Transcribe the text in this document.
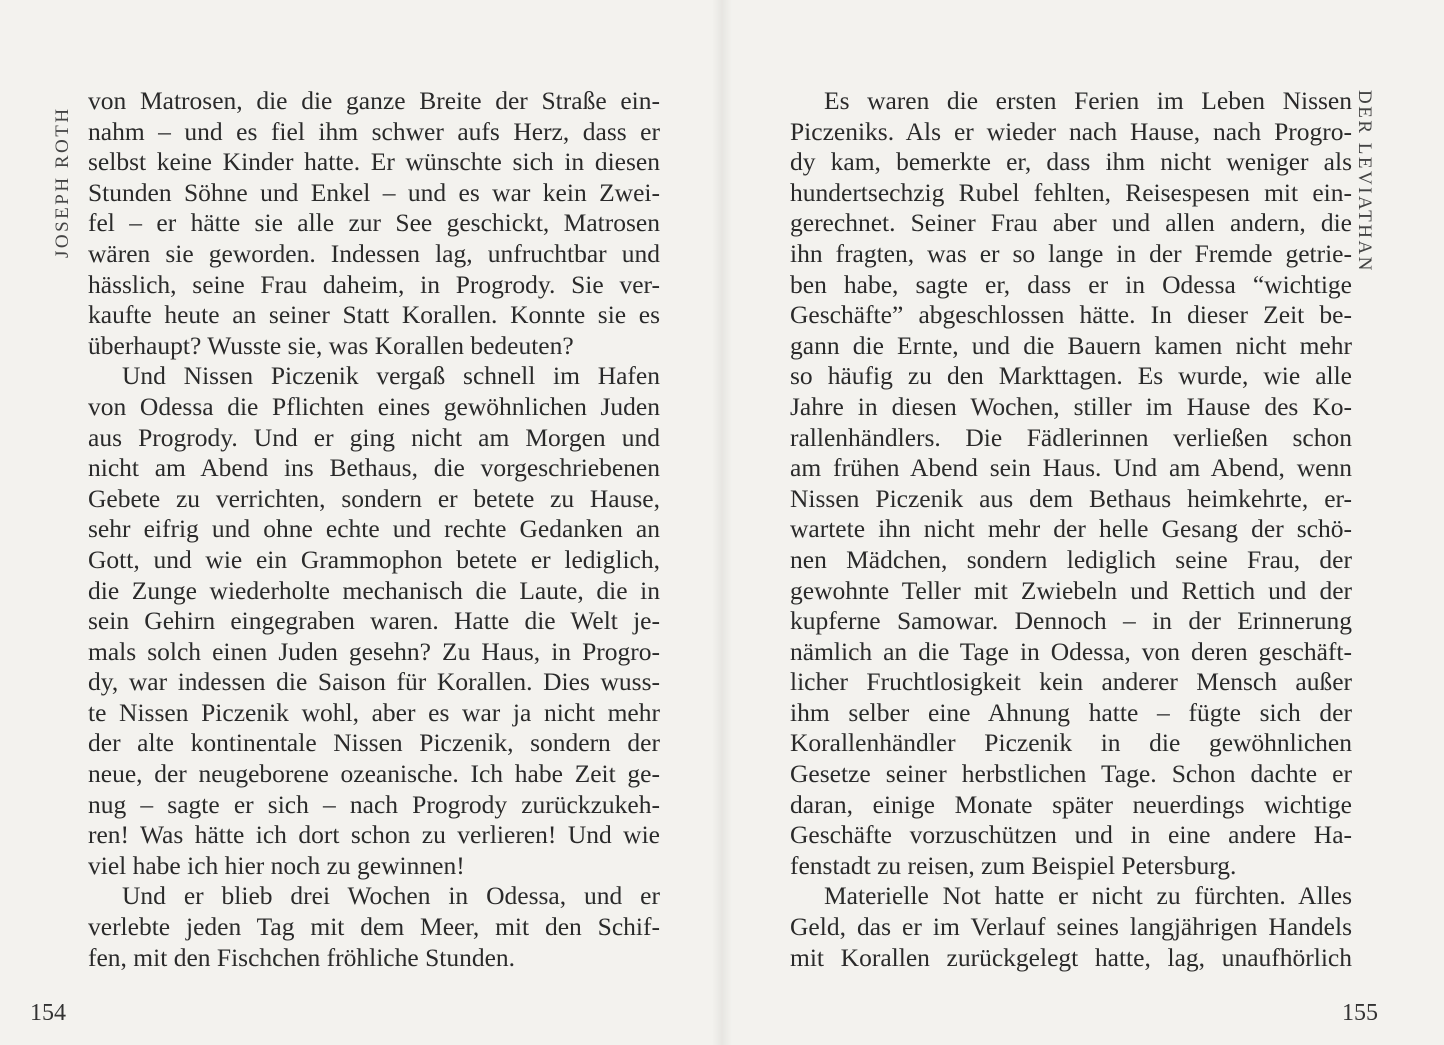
JOSEPH ROTH
von Matrosen, die die ganze Breite der Straße ein-
nahm – und es fiel ihm schwer aufs Herz, dass er
selbst keine Kinder hatte. Er wünschte sich in diesen
Stunden Söhne und Enkel – und es war kein Zwei-
fel – er hätte sie alle zur See geschickt, Matrosen
wären sie geworden. Indessen lag, unfruchtbar und
hässlich, seine Frau daheim, in Progrody. Sie ver-
kaufte heute an seiner Statt Korallen. Konnte sie es
überhaupt? Wusste sie, was Korallen bedeuten?
Und Nissen Piczenik vergaß schnell im Hafen
von Odessa die Pflichten eines gewöhnlichen Juden
aus Progrody. Und er ging nicht am Morgen und
nicht am Abend ins Bethaus, die vorgeschriebenen
Gebete zu verrichten, sondern er betete zu Hause,
sehr eifrig und ohne echte und rechte Gedanken an
Gott, und wie ein Grammophon betete er lediglich,
die Zunge wiederholte mechanisch die Laute, die in
sein Gehirn eingegraben waren. Hatte die Welt je-
mals solch einen Juden gesehn? Zu Haus, in Progro-
dy, war indessen die Saison für Korallen. Dies wuss-
te Nissen Piczenik wohl, aber es war ja nicht mehr
der alte kontinentale Nissen Piczenik, sondern der
neue, der neugeborene ozeanische. Ich habe Zeit ge-
nug – sagte er sich – nach Progrody zurückzukeh-
ren! Was hätte ich dort schon zu verlieren! Und wie
viel habe ich hier noch zu gewinnen!
Und er blieb drei Wochen in Odessa, und er
verlebte jeden Tag mit dem Meer, mit den Schif-
fen, mit den Fischchen fröhliche Stunden.
154
DER LEVIATHAN
Es waren die ersten Ferien im Leben Nissen
Piczeniks. Als er wieder nach Hause, nach Progro-
dy kam, bemerkte er, dass ihm nicht weniger als
hundertsechzig Rubel fehlten, Reisespesen mit ein-
gerechnet. Seiner Frau aber und allen andern, die
ihn fragten, was er so lange in der Fremde getrie-
ben habe, sagte er, dass er in Odessa “wichtige
Geschäfte” abgeschlossen hätte. In dieser Zeit be-
gann die Ernte, und die Bauern kamen nicht mehr
so häufig zu den Markttagen. Es wurde, wie alle
Jahre in diesen Wochen, stiller im Hause des Ko-
rallenhändlers. Die Fädlerinnen verließen schon
am frühen Abend sein Haus. Und am Abend, wenn
Nissen Piczenik aus dem Bethaus heimkehrte, er-
wartete ihn nicht mehr der helle Gesang der schö-
nen Mädchen, sondern lediglich seine Frau, der
gewohnte Teller mit Zwiebeln und Rettich und der
kupferne Samowar. Dennoch – in der Erinnerung
nämlich an die Tage in Odessa, von deren geschäft-
licher Fruchtlosigkeit kein anderer Mensch außer
ihm selber eine Ahnung hatte – fügte sich der
Korallenhändler Piczenik in die gewöhnlichen
Gesetze seiner herbstlichen Tage. Schon dachte er
daran, einige Monate später neuerdings wichtige
Geschäfte vorzuschützen und in eine andere Ha-
fenstadt zu reisen, zum Beispiel Petersburg.
Materielle Not hatte er nicht zu fürchten. Alles
Geld, das er im Verlauf seines langjährigen Handels
mit Korallen zurückgelegt hatte, lag, unaufhörlich
155
